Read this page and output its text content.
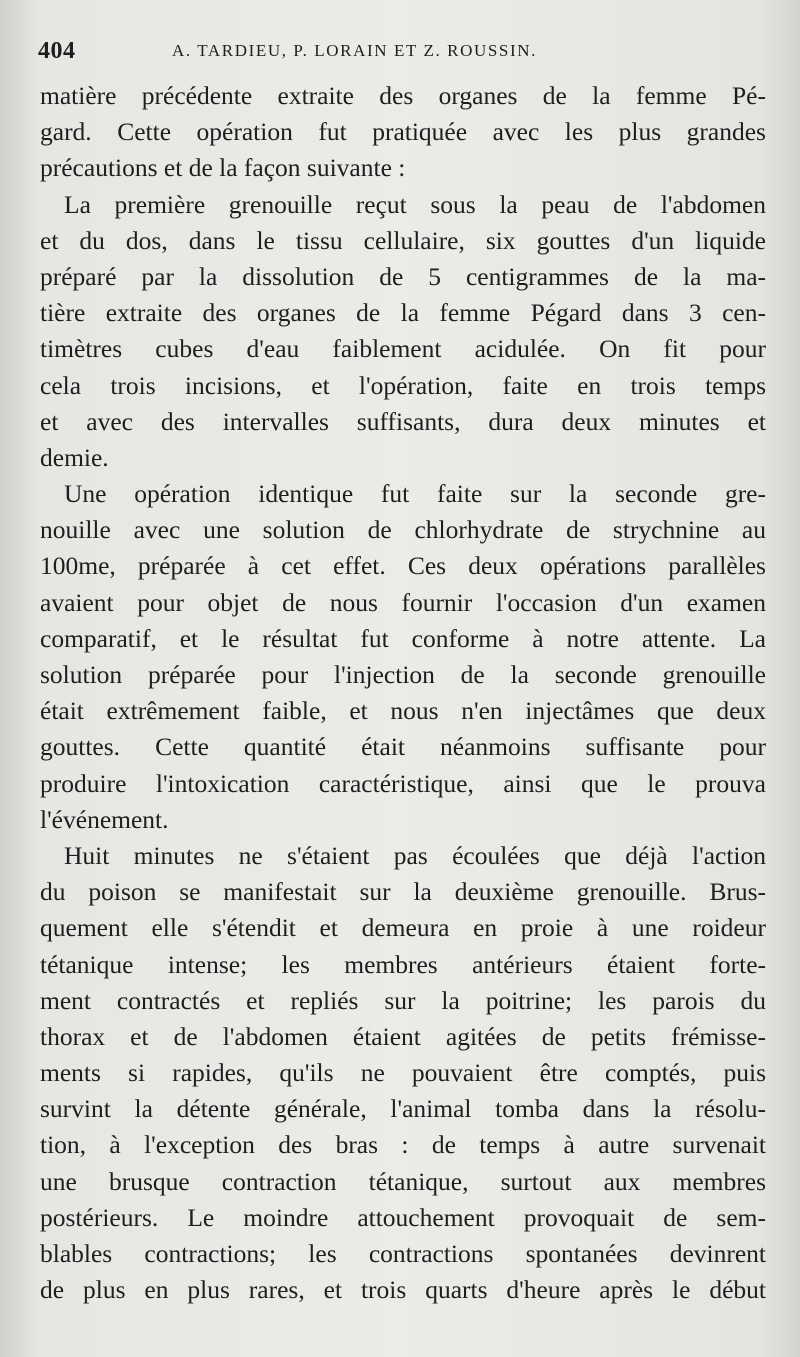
404	A. TARDIEU, P. LORAIN ET Z. ROUSSIN.
matière précédente extraite des organes de la femme Pé-
gard. Cette opération fut pratiquée avec les plus grandes
précautions et de la façon suivante :
La première grenouille reçut sous la peau de l'abdomen
et du dos, dans le tissu cellulaire, six gouttes d'un liquide
préparé par la dissolution de 5 centigrammes de la ma-
tière extraite des organes de la femme Pégard dans 3 cen-
timètres cubes d'eau faiblement acidulée. On fit pour
cela trois incisions, et l'opération, faite en trois temps
et avec des intervalles suffisants, dura deux minutes et
demie.
Une opération identique fut faite sur la seconde gre-
nouille avec une solution de chlorhydrate de strychnine au
100me, préparée à cet effet. Ces deux opérations parallèles
avaient pour objet de nous fournir l'occasion d'un examen
comparatif, et le résultat fut conforme à notre attente. La
solution préparée pour l'injection de la seconde grenouille
était extrêmement faible, et nous n'en injectâmes que deux
gouttes. Cette quantité était néanmoins suffisante pour
produire l'intoxication caractéristique, ainsi que le prouva
l'événement.
Huit minutes ne s'étaient pas écoulées que déjà l'action
du poison se manifestait sur la deuxième grenouille. Brus-
quement elle s'étendit et demeura en proie à une roideur
tétanique intense; les membres antérieurs étaient forte-
ment contractés et repliés sur la poitrine; les parois du
thorax et de l'abdomen étaient agitées de petits frémisse-
ments si rapides, qu'ils ne pouvaient être comptés, puis
survint la détente générale, l'animal tomba dans la résolu-
tion, à l'exception des bras : de temps à autre survenait
une brusque contraction tétanique, surtout aux membres
postérieurs. Le moindre attouchement provoquait de sem-
blables contractions; les contractions spontanées devinrent
de plus en plus rares, et trois quarts d'heure après le début
